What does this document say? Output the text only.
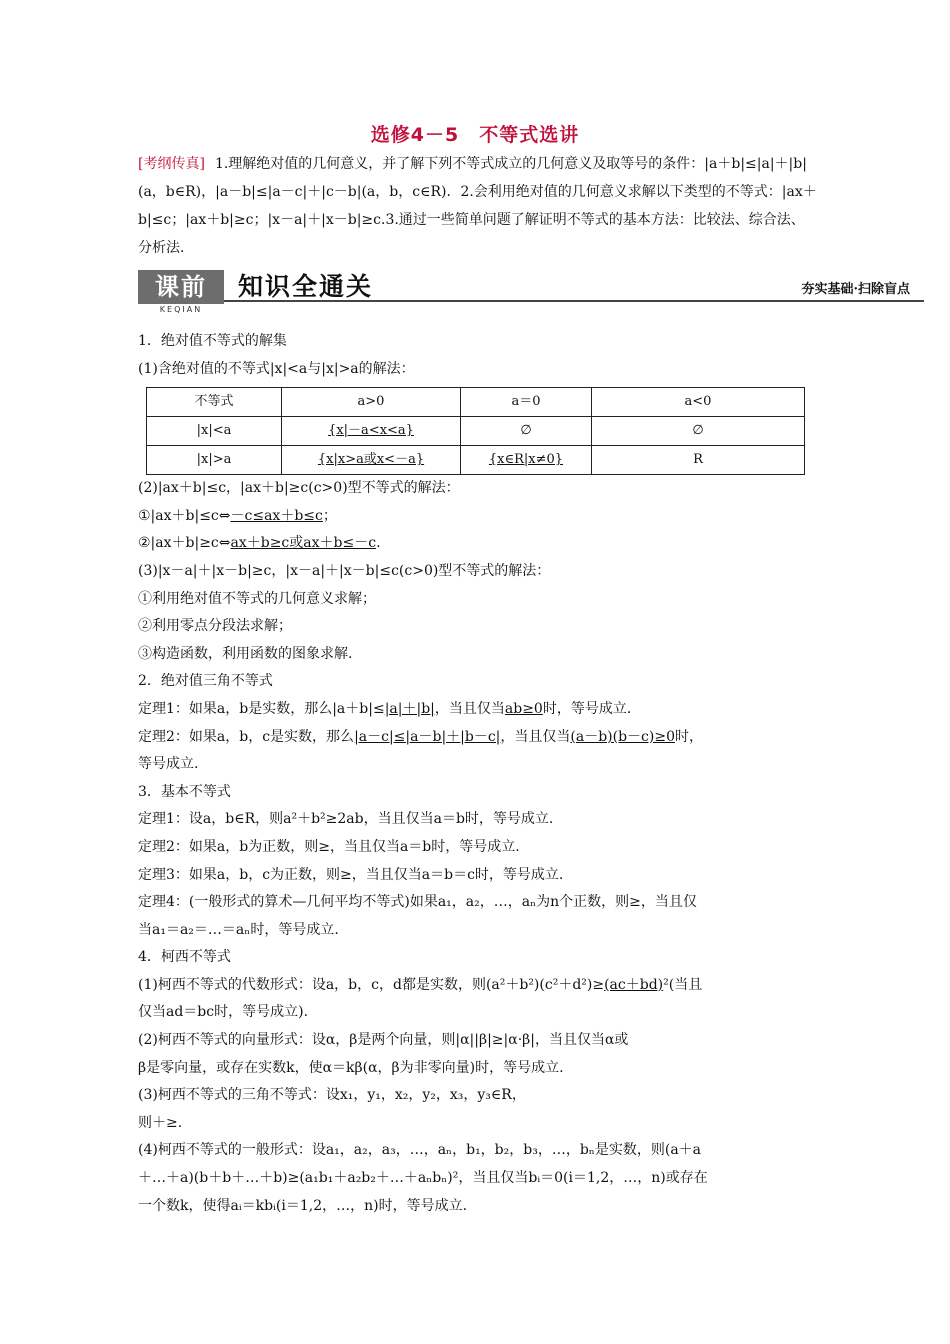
选修4－5　不等式选讲
[考纲传真] 1.理解绝对值的几何意义，并了解下列不等式成立的几何意义及取等号的条件：|a＋b|≤|a|＋|b|(a，b∈R)，|a－b|≤|a－c|＋|c－b|(a，b，c∈R)．2.会利用绝对值的几何意义求解以下类型的不等式：|ax＋b|≤c；|ax＋b|≥c；|x－a|＋|x－b|≥c.3.通过一些简单问题了解证明不等式的基本方法：比较法、综合法、分析法．
课前
KEQIAN
知识全通关	夯实基础·扫除盲点

1．绝对值不等式的解集

(1)含绝对值的不等式|x|<a与|x|>a的解法：

不等式	a>0	a＝0	a<0
|x|<a	{x|－a<x<a}	∅	∅
|x|>a	{x|x>a或x<－a}	{x∈R|x≠0}	R

(2)|ax＋b|≤c，|ax＋b|≥c(c>0)型不等式的解法：

①|ax＋b|≤c⇔－c≤ax＋b≤c；

②|ax＋b|≥c⇔ax＋b≥c或ax＋b≤－c.

(3)|x－a|＋|x－b|≥c，|x－a|＋|x－b|≤c(c>0)型不等式的解法：

①利用绝对值不等式的几何意义求解；

②利用零点分段法求解；

③构造函数，利用函数的图象求解.

2．绝对值三角不等式

定理1：如果a，b是实数，那么|a＋b|≤|a|＋|b|，当且仅当ab≥0时，等号成立.

定理2：如果a，b，c是实数，那么|a－c|≤|a－b|＋|b－c|，当且仅当(a－b)(b－c)≥0时，

等号成立.

3．基本不等式

定理1：设a，b∈R，则a²＋b²≥2ab，当且仅当a＝b时，等号成立.

定理2：如果a，b为正数，则≥，当且仅当a＝b时，等号成立.

定理3：如果a，b，c为正数，则≥，当且仅当a＝b＝c时，等号成立.

定理4：(一般形式的算术—几何平均不等式)如果a₁，a₂，…，aₙ为n个正数，则≥，当且仅

当a₁＝a₂＝…＝aₙ时，等号成立.

4．柯西不等式

(1)柯西不等式的代数形式：设a，b，c，d都是实数，则(a²＋b²)(c²＋d²)≥(ac＋bd)²(当且

仅当ad＝bc时，等号成立).

(2)柯西不等式的向量形式：设α，β是两个向量，则|α||β|≥|α·β|，当且仅当α或

β是零向量，或存在实数k，使α＝kβ(α，β为非零向量)时，等号成立.

(3)柯西不等式的三角不等式：设x₁，y₁，x₂，y₂，x₃，y₃∈R，

则＋≥.

(4)柯西不等式的一般形式：设a₁，a₂，a₃，…，aₙ，b₁，b₂，b₃，…，bₙ是实数，则(a＋a

＋…＋a)(b＋b＋…＋b)≥(a₁b₁＋a₂b₂＋…＋aₙbₙ)²，当且仅当bᵢ＝0(i＝1,2，…，n)或存在

一个数k，使得aᵢ＝kbᵢ(i＝1,2，…，n)时，等号成立.
